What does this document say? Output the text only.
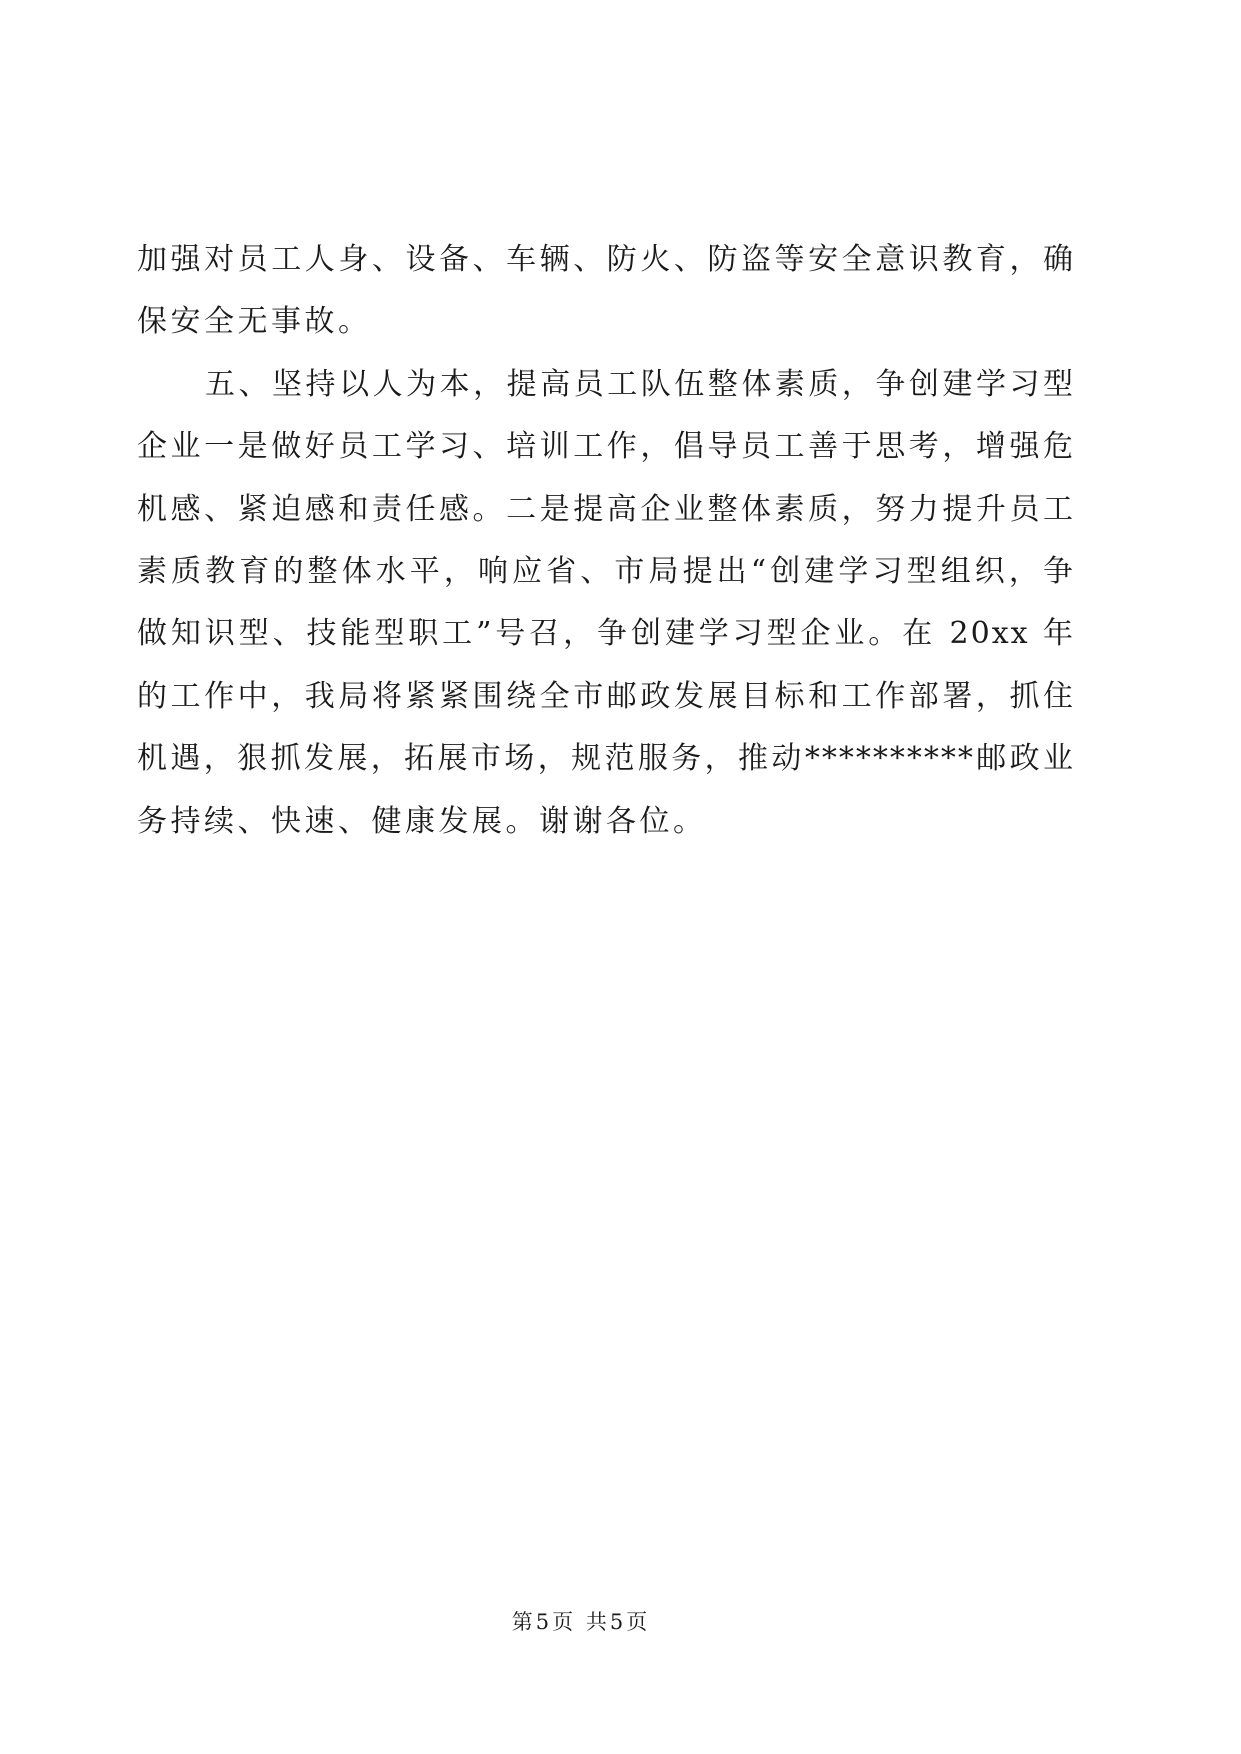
加强对员工人身、设备、车辆、防火、防盗等安全意识教育，确
保安全无事故。
五、坚持以人为本，提高员工队伍整体素质，争创建学习型
企业一是做好员工学习、培训工作，倡导员工善于思考，增强危
机感、紧迫感和责任感。二是提高企业整体素质，努力提升员工
素质教育的整体水平，响应省、市局提出“创建学习型组织，争
做知识型、技能型职工”号召，争创建学习型企业。在 20xx 年
的工作中，我局将紧紧围绕全市邮政发展目标和工作部署，抓住
机遇，狠抓发展，拓展市场，规范服务，推动**********邮政业
务持续、快速、健康发展。谢谢各位。
第5页 共5页
